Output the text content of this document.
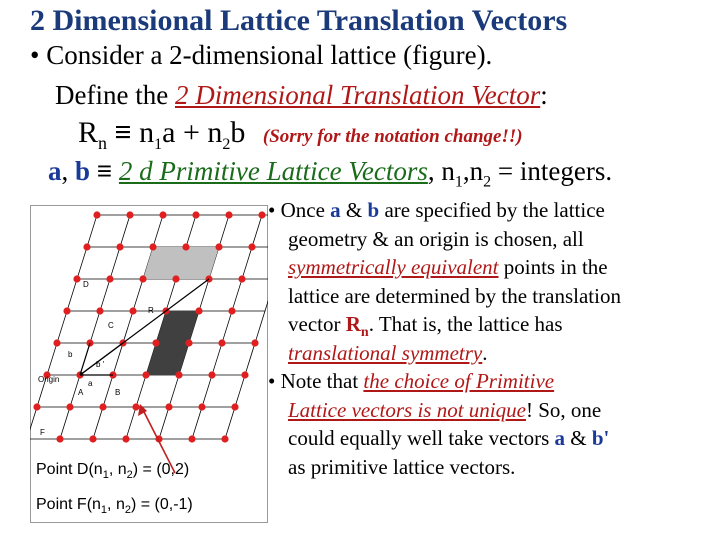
2 Dimensional Lattice Translation Vectors
• Consider a 2-dimensional lattice (figure).
Define the 2 Dimensional Translation Vector:
$R_n \equiv n_1a + n_2b$ (Sorry for the notation change!!)
a, b ≡ 2 d Primitive Lattice Vectors, $n_1,n_2$ = integers.
D
R
C
b '
b
Origin	a
A	B
F
Point $D(n_1$, $n_2) = (0,2)$
Point $F(n_1$, $n_2) = (0,-1)$
• Once a & b are specified by the lattice
geometry & an origin is chosen, all
symmetrically equivalent points in the
lattice are determined by the translation
vector $R_n$. That is, the lattice has
translational symmetry.
• Note that the choice of Primitive
Lattice vectors is not unique! So, one
could equally well take vectors a & b'
as primitive lattice vectors.
